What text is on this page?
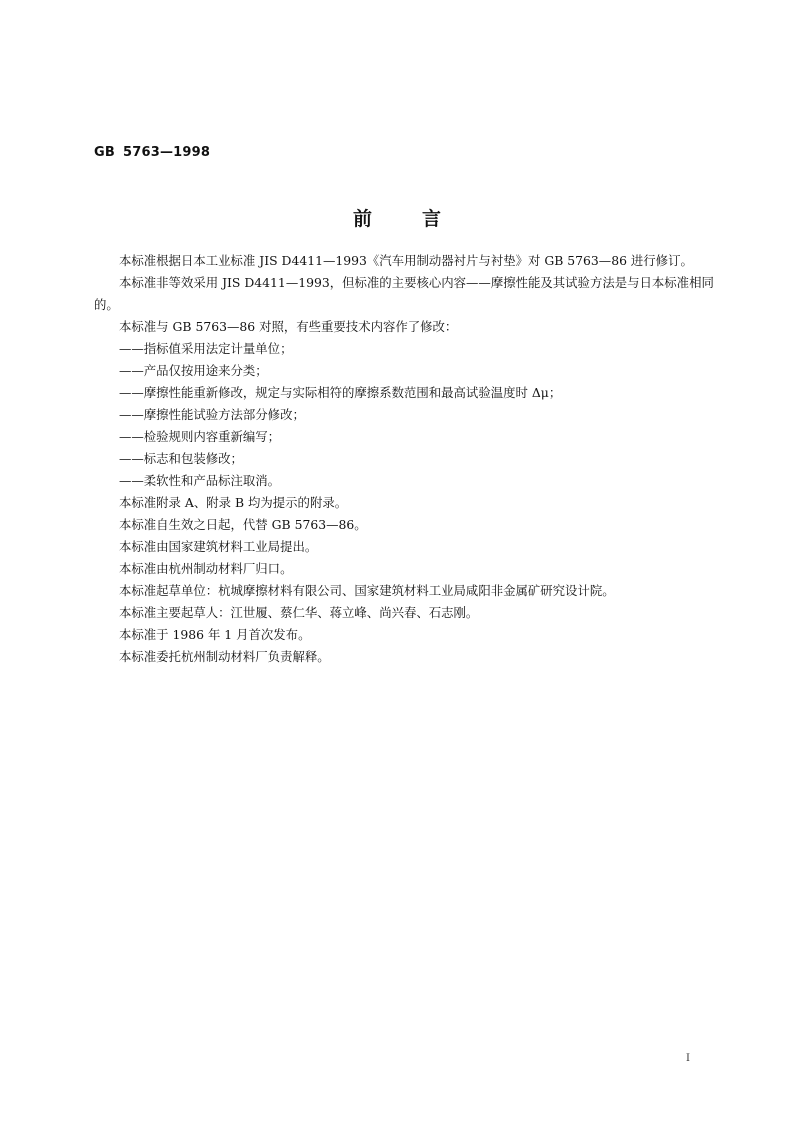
GB 5763—1998
前言

本标准根据日本工业标准 JIS D4411—1993《汽车用制动器衬片与衬垫》对 GB 5763—86 进行修订。

本标准非等效采用 JIS D4411—1993，但标准的主要核心内容——摩擦性能及其试验方法是与日本标准相同的。

本标准与 GB 5763—86 对照，有些重要技术内容作了修改：

——指标值采用法定计量单位；

——产品仅按用途来分类；

——摩擦性能重新修改，规定与实际相符的摩擦系数范围和最高试验温度时 Δμ；

——摩擦性能试验方法部分修改；

——检验规则内容重新编写；

——标志和包装修改；

——柔软性和产品标注取消。

本标准附录 A、附录 B 均为提示的附录。

本标准自生效之日起，代替 GB 5763—86。

本标准由国家建筑材料工业局提出。

本标准由杭州制动材料厂归口。

本标准起草单位：杭城摩擦材料有限公司、国家建筑材料工业局咸阳非金属矿研究设计院。

本标准主要起草人：江世履、蔡仁华、蒋立峰、尚兴春、石志刚。

本标准于 1986 年 1 月首次发布。

本标准委托杭州制动材料厂负责解释。

I
